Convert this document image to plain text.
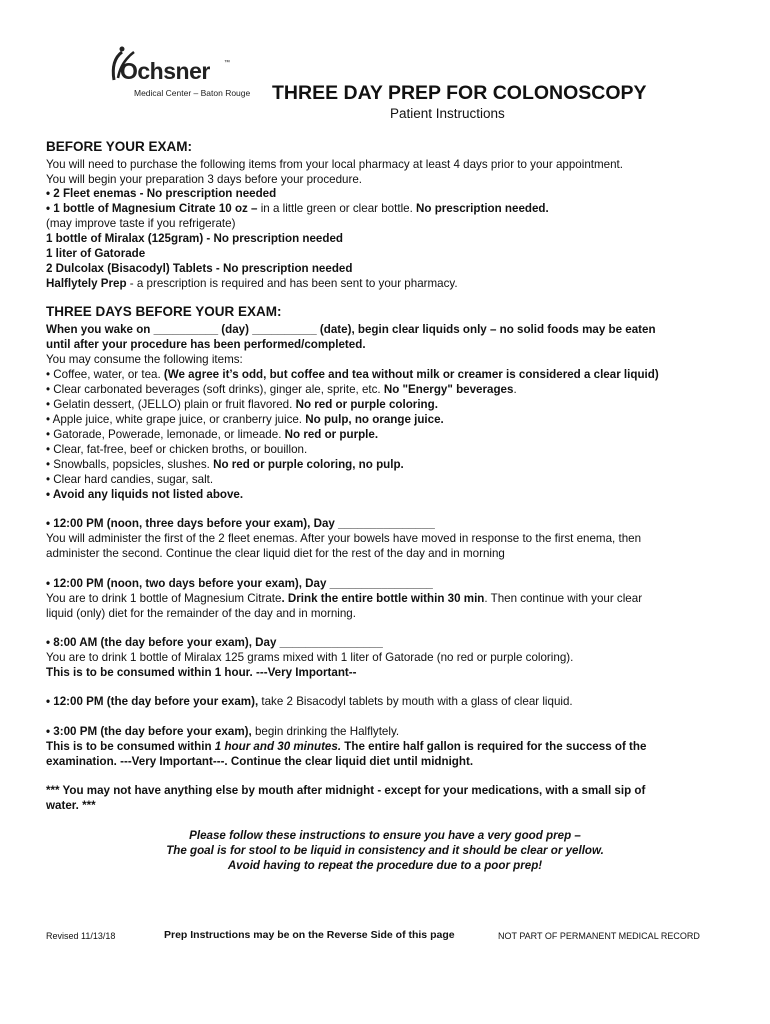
Ochsner ™
Medical Center – Baton Rouge THREE DAY PREP FOR COLONOSCOPY
Patient Instructions
BEFORE YOUR EXAM:
You will need to purchase the following items from your local pharmacy at least 4 days prior to your appointment.
You will begin your preparation 3 days before your procedure.
• 2 Fleet enemas - No prescription needed
• 1 bottle of Magnesium Citrate 10 oz – in a little green or clear bottle. No prescription needed.
(may improve taste if you refrigerate)
1 bottle of Miralax (125gram) - No prescription needed
1 liter of Gatorade
2 Dulcolax (Bisacodyl) Tablets - No prescription needed
Halflytely Prep - a prescription is required and has been sent to your pharmacy.
THREE DAYS BEFORE YOUR EXAM:
When you wake on __________ (day) __________ (date), begin clear liquids only – no solid foods may be eaten
until after your procedure has been performed/completed.
You may consume the following items:
• Coffee, water, or tea. (We agree it’s odd, but coffee and tea without milk or creamer is considered a clear liquid)
• Clear carbonated beverages (soft drinks), ginger ale, sprite, etc. No "Energy" beverages.
• Gelatin dessert, (JELLO) plain or fruit flavored. No red or purple coloring.
• Apple juice, white grape juice, or cranberry juice. No pulp, no orange juice.
• Gatorade, Powerade, lemonade, or limeade. No red or purple.
• Clear, fat-free, beef or chicken broths, or bouillon.
• Snowballs, popsicles, slushes. No red or purple coloring, no pulp.
• Clear hard candies, sugar, salt.
• Avoid any liquids not listed above.
• 12:00 PM (noon, three days before your exam), Day _______________
You will administer the first of the 2 fleet enemas. After your bowels have moved in response to the first enema, then
administer the second. Continue the clear liquid diet for the rest of the day and in morning
• 12:00 PM (noon, two days before your exam), Day ________________
You are to drink 1 bottle of Magnesium Citrate. Drink the entire bottle within 30 min. Then continue with your clear
liquid (only) diet for the remainder of the day and in morning.
• 8:00 AM (the day before your exam), Day ________________
You are to drink 1 bottle of Miralax 125 grams mixed with 1 liter of Gatorade (no red or purple coloring).
This is to be consumed within 1 hour. ---Very Important--
• 12:00 PM (the day before your exam), take 2 Bisacodyl tablets by mouth with a glass of clear liquid.
• 3:00 PM (the day before your exam), begin drinking the Halflytely.
This is to be consumed within 1 hour and 30 minutes. The entire half gallon is required for the success of the
examination. ---Very Important---. Continue the clear liquid diet until midnight.
*** You may not have anything else by mouth after midnight - except for your medications, with a small sip of
water. ***
Please follow these instructions to ensure you have a very good prep –
The goal is for stool to be liquid in consistency and it should be clear or yellow.
Avoid having to repeat the procedure due to a poor prep!
Revised 11/13/18	Prep Instructions may be on the Reverse Side of this page	NOT PART OF PERMANENT MEDICAL RECORD
